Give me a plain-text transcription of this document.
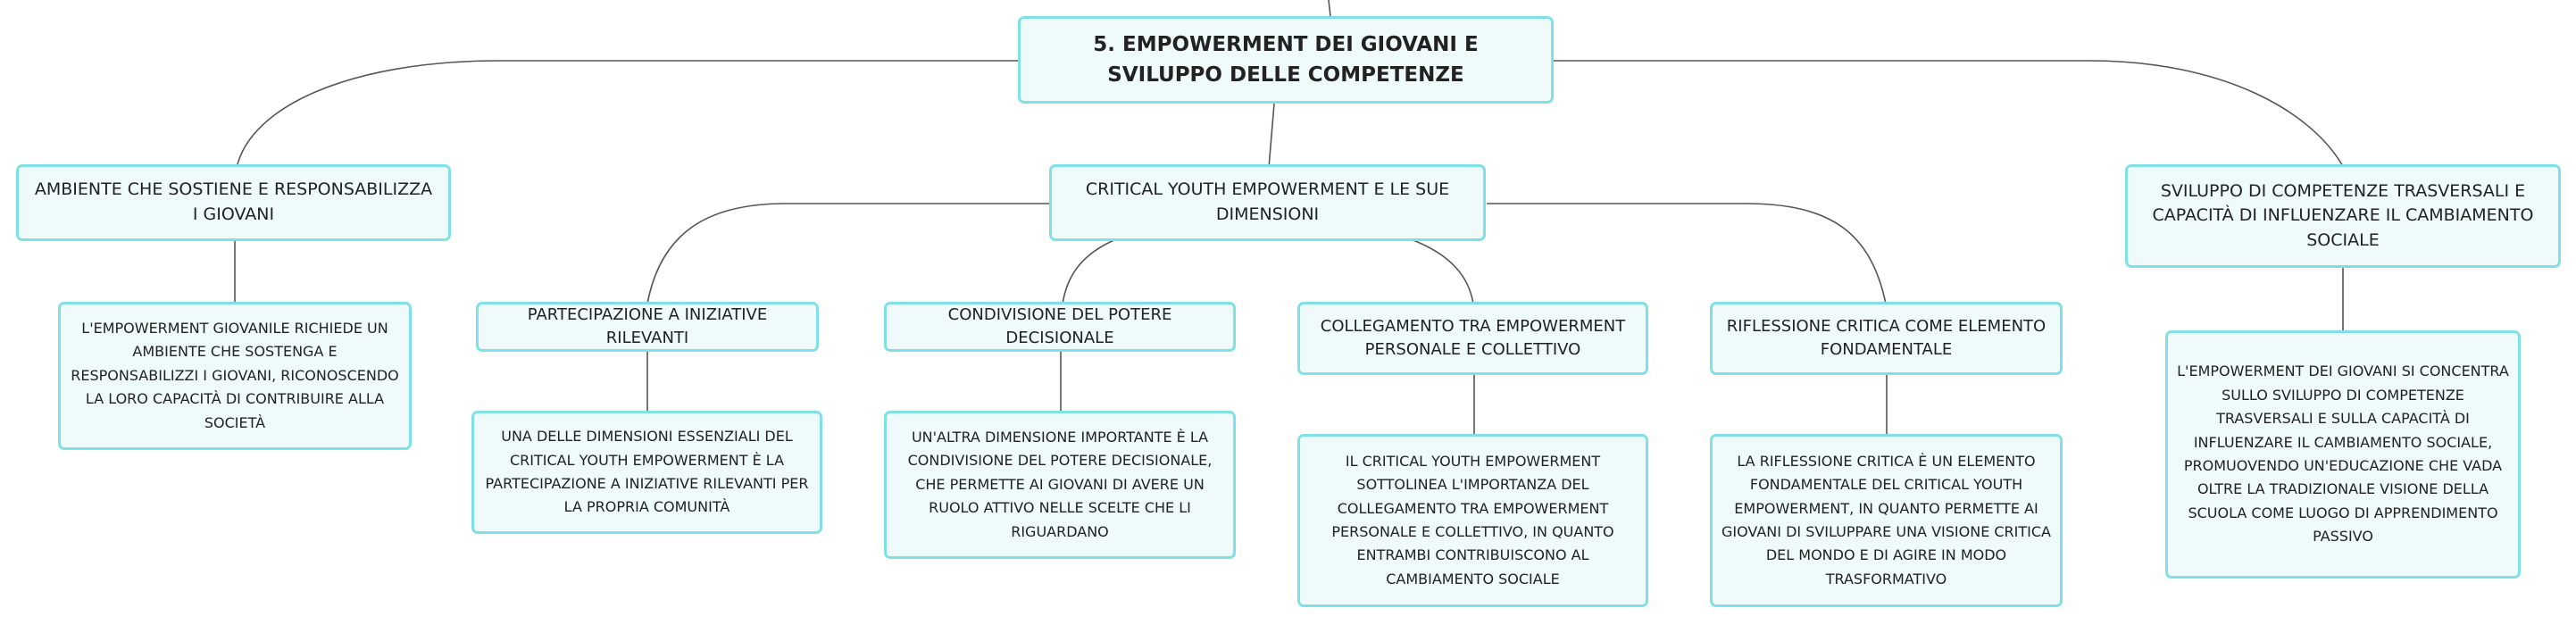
5. EMPOWERMENT DEI GIOVANI E SVILUPPO DELLE COMPETENZE
AMBIENTE CHE SOSTIENE E RESPONSABILIZZA I GIOVANI
CRITICAL YOUTH EMPOWERMENT E LE SUE DIMENSIONI
SVILUPPO DI COMPETENZE TRASVERSALI E CAPACITÀ DI INFLUENZARE IL CAMBIAMENTO SOCIALE
L'EMPOWERMENT GIOVANILE RICHIEDE UN AMBIENTE CHE SOSTENGA E RESPONSABILIZZI I GIOVANI, RICONOSCENDO LA LORO CAPACITÀ DI CONTRIBUIRE ALLA SOCIETÀ
PARTECIPAZIONE A INIZIATIVE RILEVANTI
CONDIVISIONE DEL POTERE DECISIONALE
COLLEGAMENTO TRA EMPOWERMENT PERSONALE E COLLETTIVO
RIFLESSIONE CRITICA COME ELEMENTO FONDAMENTALE
UNA DELLE DIMENSIONI ESSENZIALI DEL CRITICAL YOUTH EMPOWERMENT È LA PARTECIPAZIONE A INIZIATIVE RILEVANTI PER LA PROPRIA COMUNITÀ
UN'ALTRA DIMENSIONE IMPORTANTE È LA CONDIVISIONE DEL POTERE DECISIONALE, CHE PERMETTE AI GIOVANI DI AVERE UN RUOLO ATTIVO NELLE SCELTE CHE LI RIGUARDANO
IL CRITICAL YOUTH EMPOWERMENT SOTTOLINEA L'IMPORTANZA DEL COLLEGAMENTO TRA EMPOWERMENT PERSONALE E COLLETTIVO, IN QUANTO ENTRAMBI CONTRIBUISCONO AL CAMBIAMENTO SOCIALE
LA RIFLESSIONE CRITICA È UN ELEMENTO FONDAMENTALE DEL CRITICAL YOUTH EMPOWERMENT, IN QUANTO PERMETTE AI GIOVANI DI SVILUPPARE UNA VISIONE CRITICA DEL MONDO E DI AGIRE IN MODO TRASFORMATIVO
L'EMPOWERMENT DEI GIOVANI SI CONCENTRA SULLO SVILUPPO DI COMPETENZE TRASVERSALI E SULLA CAPACITÀ DI INFLUENZARE IL CAMBIAMENTO SOCIALE, PROMUOVENDO UN'EDUCAZIONE CHE VADA OLTRE LA TRADIZIONALE VISIONE DELLA SCUOLA COME LUOGO DI APPRENDIMENTO PASSIVO
